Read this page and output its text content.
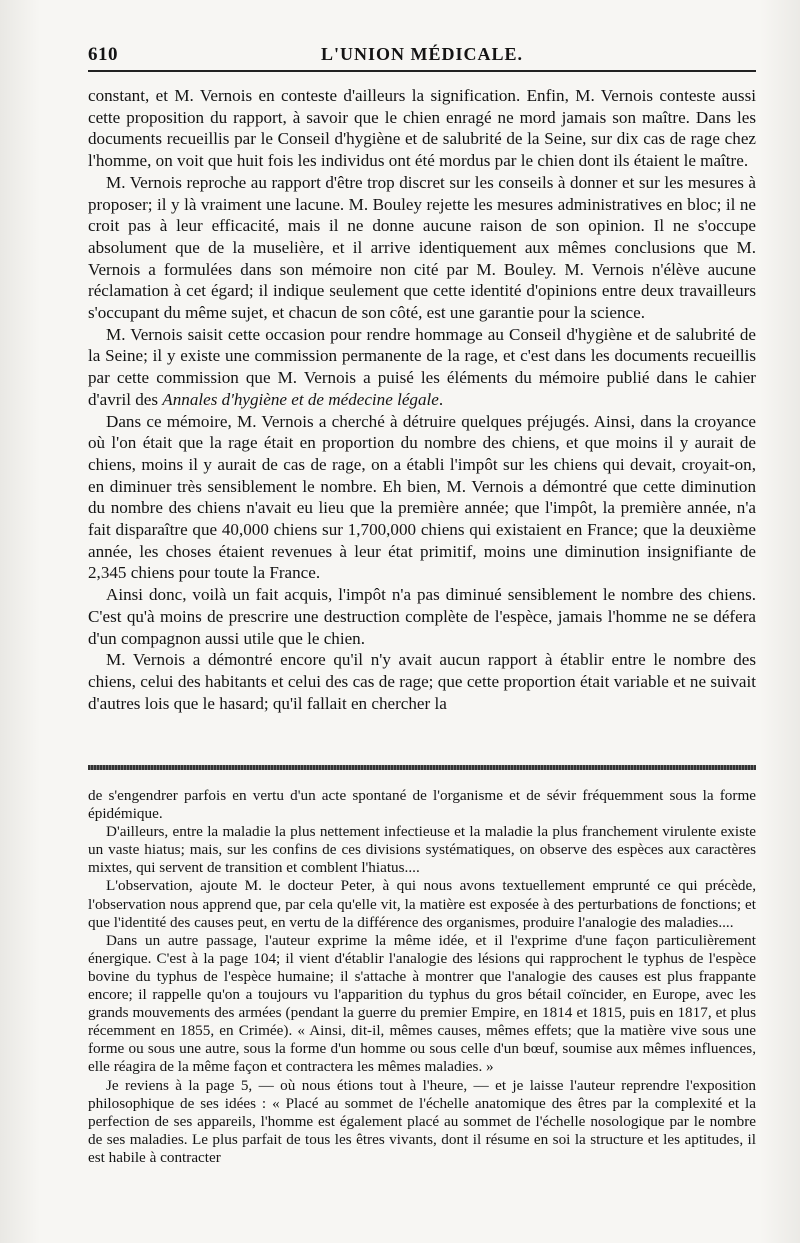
610	L'UNION MÉDICALE.

constant, et M. Vernois en conteste d'ailleurs la signification. Enfin, M. Vernois conteste aussi cette proposition du rapport, à savoir que le chien enragé ne mord jamais son maître. Dans les documents recueillis par le Conseil d'hygiène et de salubrité de la Seine, sur dix cas de rage chez l'homme, on voit que huit fois les individus ont été mordus par le chien dont ils étaient le maître.

M. Vernois reproche au rapport d'être trop discret sur les conseils à donner et sur les mesures à proposer; il y là vraiment une lacune. M. Bouley rejette les mesures administratives en bloc; il ne croit pas à leur efficacité, mais il ne donne aucune raison de son opinion. Il ne s'occupe absolument que de la muselière, et il arrive identiquement aux mêmes conclusions que M. Vernois a formulées dans son mémoire non cité par M. Bouley. M. Vernois n'élève aucune réclamation à cet égard; il indique seulement que cette identité d'opinions entre deux travailleurs s'occupant du même sujet, et chacun de son côté, est une garantie pour la science.

M. Vernois saisit cette occasion pour rendre hommage au Conseil d'hygiène et de salubrité de la Seine; il y existe une commission permanente de la rage, et c'est dans les documents recueillis par cette commission que M. Vernois a puisé les éléments du mémoire publié dans le cahier d'avril des Annales d'hygiène et de médecine légale.

Dans ce mémoire, M. Vernois a cherché à détruire quelques préjugés. Ainsi, dans la croyance où l'on était que la rage était en proportion du nombre des chiens, et que moins il y aurait de chiens, moins il y aurait de cas de rage, on a établi l'impôt sur les chiens qui devait, croyait-on, en diminuer très sensiblement le nombre. Eh bien, M. Vernois a démontré que cette diminution du nombre des chiens n'avait eu lieu que la première année; que l'impôt, la première année, n'a fait disparaître que 40,000 chiens sur 1,700,000 chiens qui existaient en France; que la deuxième année, les choses étaient revenues à leur état primitif, moins une diminution insignifiante de 2,345 chiens pour toute la France.

Ainsi donc, voilà un fait acquis, l'impôt n'a pas diminué sensiblement le nombre des chiens. C'est qu'à moins de prescrire une destruction complète de l'espèce, jamais l'homme ne se défera d'un compagnon aussi utile que le chien.

M. Vernois a démontré encore qu'il n'y avait aucun rapport à établir entre le nombre des chiens, celui des habitants et celui des cas de rage; que cette proportion était variable et ne suivait d'autres lois que le hasard; qu'il fallait en chercher la

de s'engendrer parfois en vertu d'un acte spontané de l'organisme et de sévir fréquemment sous la forme épidémique.

D'ailleurs, entre la maladie la plus nettement infectieuse et la maladie la plus franchement virulente existe un vaste hiatus; mais, sur les confins de ces divisions systématiques, on observe des espèces aux caractères mixtes, qui servent de transition et comblent l'hiatus....

L'observation, ajoute M. le docteur Peter, à qui nous avons textuellement emprunté ce qui précède, l'observation nous apprend que, par cela qu'elle vit, la matière est exposée à des perturbations de fonctions; et que l'identité des causes peut, en vertu de la différence des organismes, produire l'analogie des maladies....

Dans un autre passage, l'auteur exprime la même idée, et il l'exprime d'une façon particulièrement énergique. C'est à la page 104; il vient d'établir l'analogie des lésions qui rapprochent le typhus de l'espèce bovine du typhus de l'espèce humaine; il s'attache à montrer que l'analogie des causes est plus frappante encore; il rappelle qu'on a toujours vu l'apparition du typhus du gros bétail coïncider, en Europe, avec les grands mouvements des armées (pendant la guerre du premier Empire, en 1814 et 1815, puis en 1817, et plus récemment en 1855, en Crimée). « Ainsi, dit-il, mêmes causes, mêmes effets; que la matière vive sous une forme ou sous une autre, sous la forme d'un homme ou sous celle d'un bœuf, soumise aux mêmes influences, elle réagira de la même façon et contractera les mêmes maladies. »

Je reviens à la page 5, — où nous étions tout à l'heure, — et je laisse l'auteur reprendre l'exposition philosophique de ses idées : « Placé au sommet de l'échelle anatomique des êtres par la complexité et la perfection de ses appareils, l'homme est également placé au sommet de l'échelle nosologique par le nombre de ses maladies. Le plus parfait de tous les êtres vivants, dont il résume en soi la structure et les aptitudes, il est habile à contracter
